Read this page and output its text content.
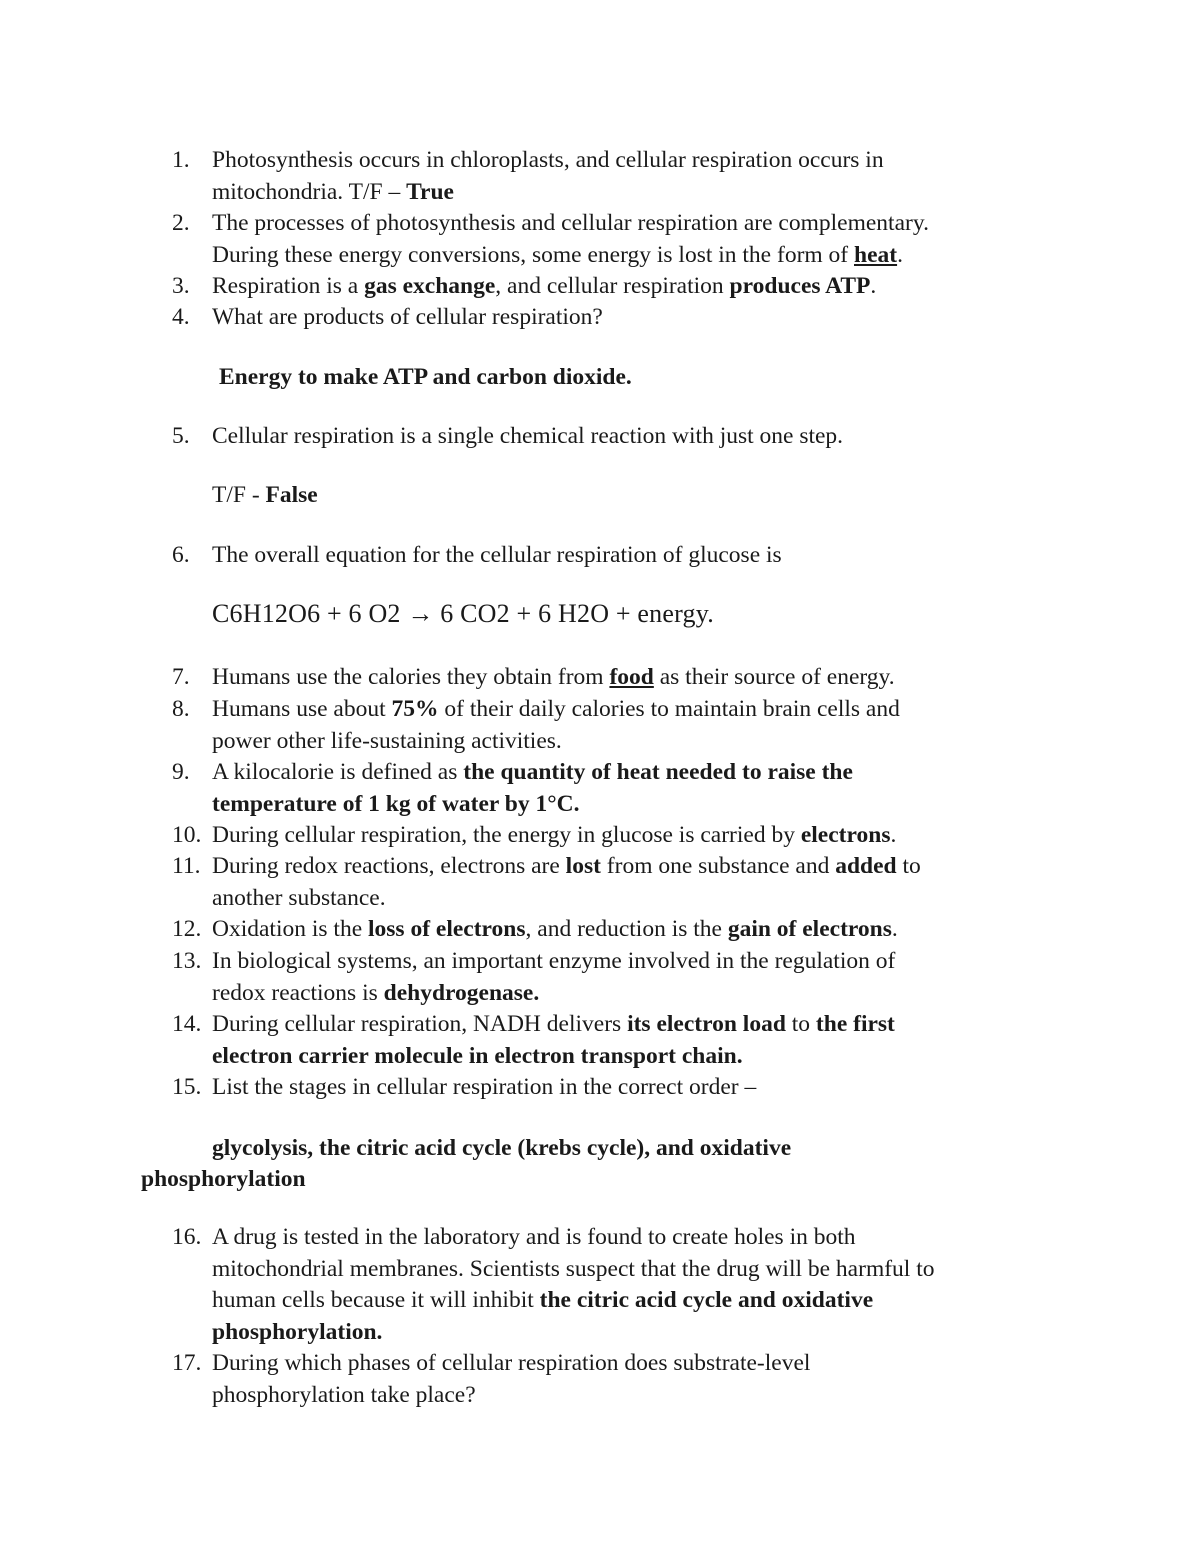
1. Photosynthesis occurs in chloroplasts, and cellular respiration occurs in
mitochondria. T/F – True
2. The processes of photosynthesis and cellular respiration are complementary.
During these energy conversions, some energy is lost in the form of heat.
3. Respiration is a gas exchange, and cellular respiration produces ATP.
4. What are products of cellular respiration?
5. Cellular respiration is a single chemical reaction with just one step.
6. The overall equation for the cellular respiration of glucose is
7. Humans use the calories they obtain from food as their source of energy.
8. Humans use about 75% of their daily calories to maintain brain cells and
power other life-sustaining activities.
9. A kilocalorie is defined as the quantity of heat needed to raise the
temperature of 1 kg of water by 1°C.
10. During cellular respiration, the energy in glucose is carried by electrons.
11. During redox reactions, electrons are lost from one substance and added to
another substance.
12. Oxidation is the loss of electrons, and reduction is the gain of electrons.
13. In biological systems, an important enzyme involved in the regulation of
redox reactions is dehydrogenase.
14. During cellular respiration, NADH delivers its electron load to the first
electron carrier molecule in electron transport chain.
15. List the stages in cellular respiration in the correct order –
16. A drug is tested in the laboratory and is found to create holes in both
mitochondrial membranes. Scientists suspect that the drug will be harmful to
human cells because it will inhibit the citric acid cycle and oxidative
phosphorylation.
17. During which phases of cellular respiration does substrate-level
phosphorylation take place?
Energy to make ATP and carbon dioxide.
T/F - False
C6H12O6 + 6 O2 → 6 CO2 + 6 H2O + energy.
glycolysis, the citric acid cycle (krebs cycle), and oxidative
phosphorylation
